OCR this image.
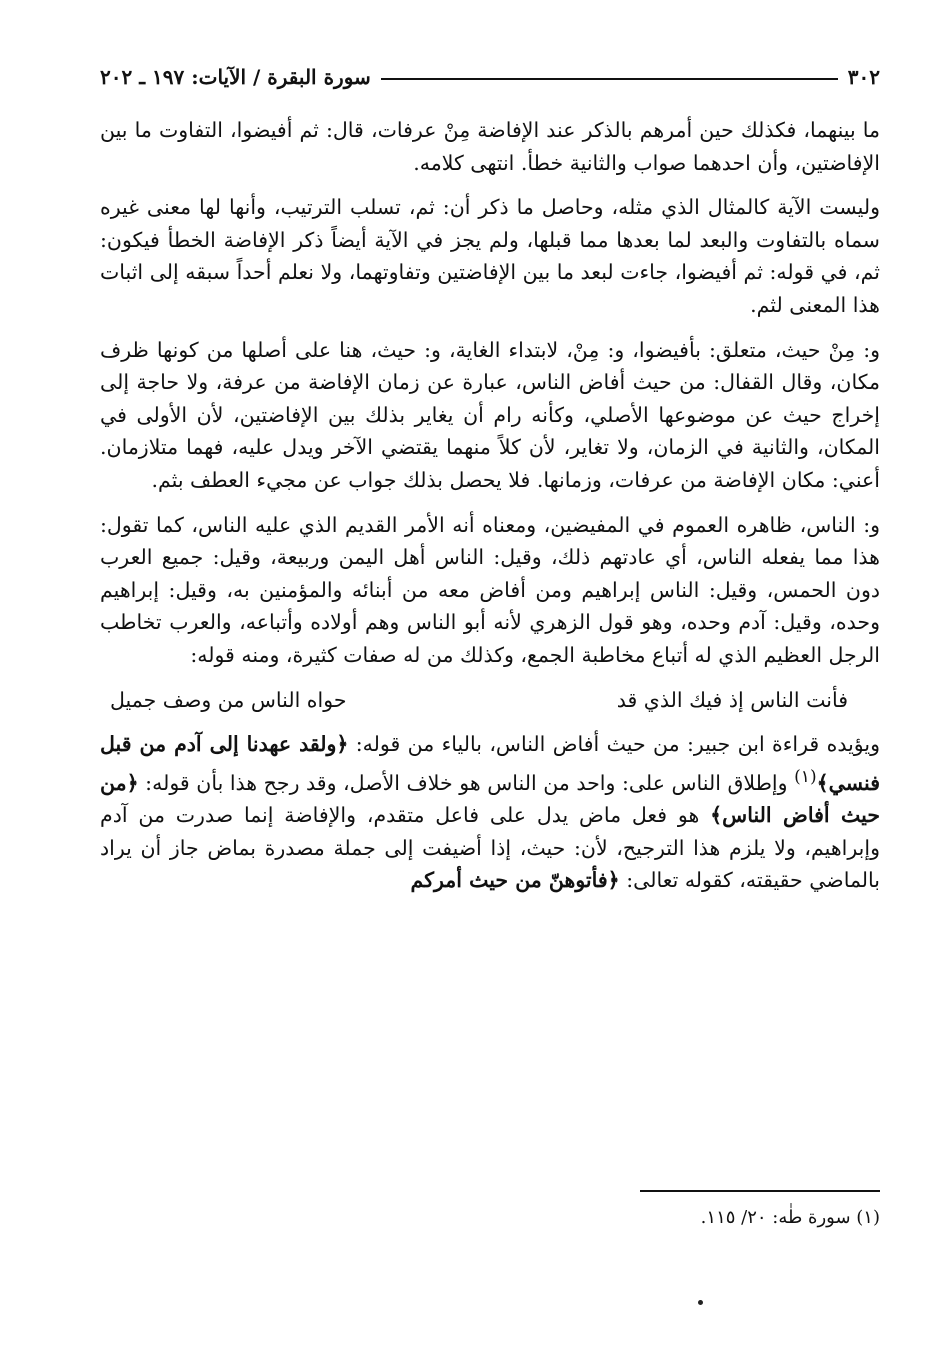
٣٠٢
سورة البقرة / الآيات: ١٩٧ ـ ٢٠٢

ما بينهما، فكذلك حين أمرهم بالذكر عند الإفاضة مِنْ عرفات، قال: ثم أفيضوا، التفاوت ما بين الإفاضتين، وأن احدهما صواب والثانية خطأ. انتهى كلامه.

وليست الآية كالمثال الذي مثله، وحاصل ما ذكر أن: ثم، تسلب الترتيب، وأنها لها معنى غيره سماه بالتفاوت والبعد لما بعدها مما قبلها، ولم يجز في الآية أيضاً ذكر الإفاضة الخطأ فيكون: ثم، في قوله: ثم أفيضوا، جاءت لبعد ما بين الإفاضتين وتفاوتهما، ولا نعلم أحداً سبقه إلى اثبات هذا المعنى لثم.

و: مِنْ حيث، متعلق: بأفيضوا، و: مِنْ، لابتداء الغاية، و: حيث، هنا على أصلها من كونها ظرف مكان، وقال القفال: من حيث أفاض الناس، عبارة عن زمان الإفاضة من عرفة، ولا حاجة إلى إخراج حيث عن موضوعها الأصلي، وكأنه رام أن يغاير بذلك بين الإفاضتين، لأن الأولى في المكان، والثانية في الزمان، ولا تغاير، لأن كلاً منهما يقتضي الآخر ويدل عليه، فهما متلازمان. أعني: مكان الإفاضة من عرفات، وزمانها. فلا يحصل بذلك جواب عن مجيء العطف بثم.

و: الناس، ظاهره العموم في المفيضين، ومعناه أنه الأمر القديم الذي عليه الناس، كما تقول: هذا مما يفعله الناس، أي عادتهم ذلك، وقيل: الناس أهل اليمن وربيعة، وقيل: جميع العرب دون الحمس، وقيل: الناس إبراهيم ومن أفاض معه من أبنائه والمؤمنين به، وقيل: إبراهيم وحده، وقيل: آدم وحده، وهو قول الزهري لأنه أبو الناس وهم أولاده وأتباعه، والعرب تخاطب الرجل العظيم الذي له أتباع مخاطبة الجمع، وكذلك من له صفات كثيرة، ومنه قوله:

فأنت الناس إذ فيك الذي قد
حواه الناس من وصف جميل

ويؤيده قراءة ابن جبير: من حيث أفاض الناس، بالياء من قوله: ﴿ولقد عهدنا إلى آدم من قبل فنسي﴾$^{(١)}$ وإطلاق الناس على: واحد من الناس هو خلاف الأصل، وقد رجح هذا بأن قوله: ﴿من حيث أفاض الناس﴾ هو فعل ماض يدل على فاعل متقدم، والإفاضة إنما صدرت من آدم وإبراهيم، ولا يلزم هذا الترجيح، لأن: حيث، إذا أضيفت إلى جملة مصدرة بماض جاز أن يراد بالماضي حقيقته، كقوله تعالى: ﴿فأتوهنّ من حيث أمركم

(١) سورة طٰه: ٢٠/ ١١٥.
